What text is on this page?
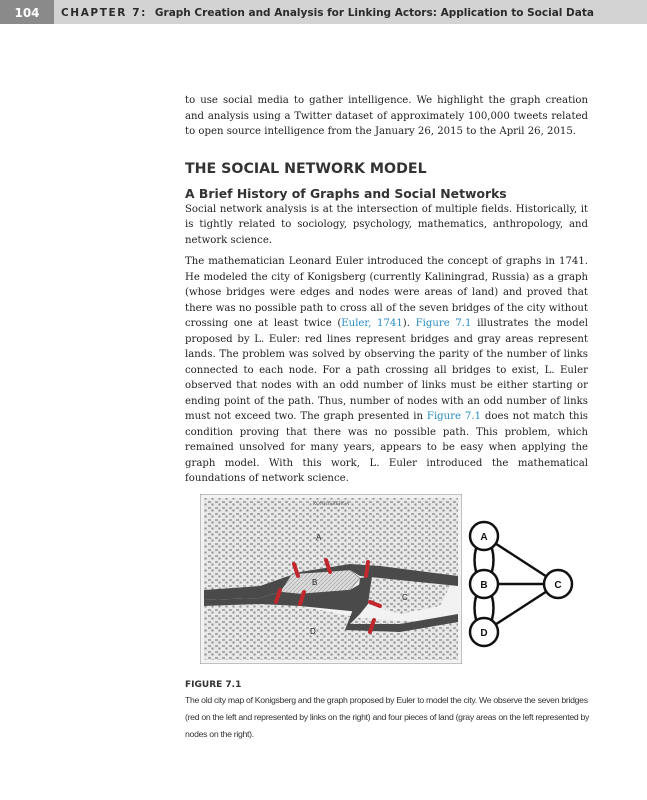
104	CHAPTER 7: Graph Creation and Analysis for Linking Actors: Application to Social Data

to use social media to gather intelligence. We highlight the graph creation and analysis using a Twitter dataset of approximately 100,000 tweets related to open source intelligence from the January 26, 2015 to the April 26, 2015.

THE SOCIAL NETWORK MODEL
A Brief History of Graphs and Social Networks

Social network analysis is at the intersection of multiple fields. Historically, it is tightly related to sociology, psychology, mathematics, anthropology, and network science.

The mathematician Leonard Euler introduced the concept of graphs in 1741. He modeled the city of Konigsberg (currently Kaliningrad, Russia) as a graph (whose bridges were edges and nodes were areas of land) and proved that there was no possible path to cross all of the seven bridges of the city without crossing one at least twice (Euler, 1741). Figure 7.1 illustrates the model proposed by L. Euler: red lines represent bridges and gray areas represent lands. The problem was solved by observing the parity of the number of links connected to each node. For a path crossing all bridges to exist, L. Euler observed that nodes with an odd number of links must be either starting or ending point of the path. Thus, number of nodes with an odd number of links must not exceed two. The graph presented in Figure 7.1 does not match this condition proving that there was no possible path. This problem, which remained unsolved for many years, appears to be easy when applying the graph model. With this work, L. Euler introduced the mathematical foundations of network science.

KONIGSBERGA
A
B
C
D
A
B	C
D
FIGURE 7.1
The old city map of Konigsberg and the graph proposed by Euler to model the city. We observe the seven bridges (red on the left and represented by links on the right) and four pieces of land (gray areas on the left represented by nodes on the right).
